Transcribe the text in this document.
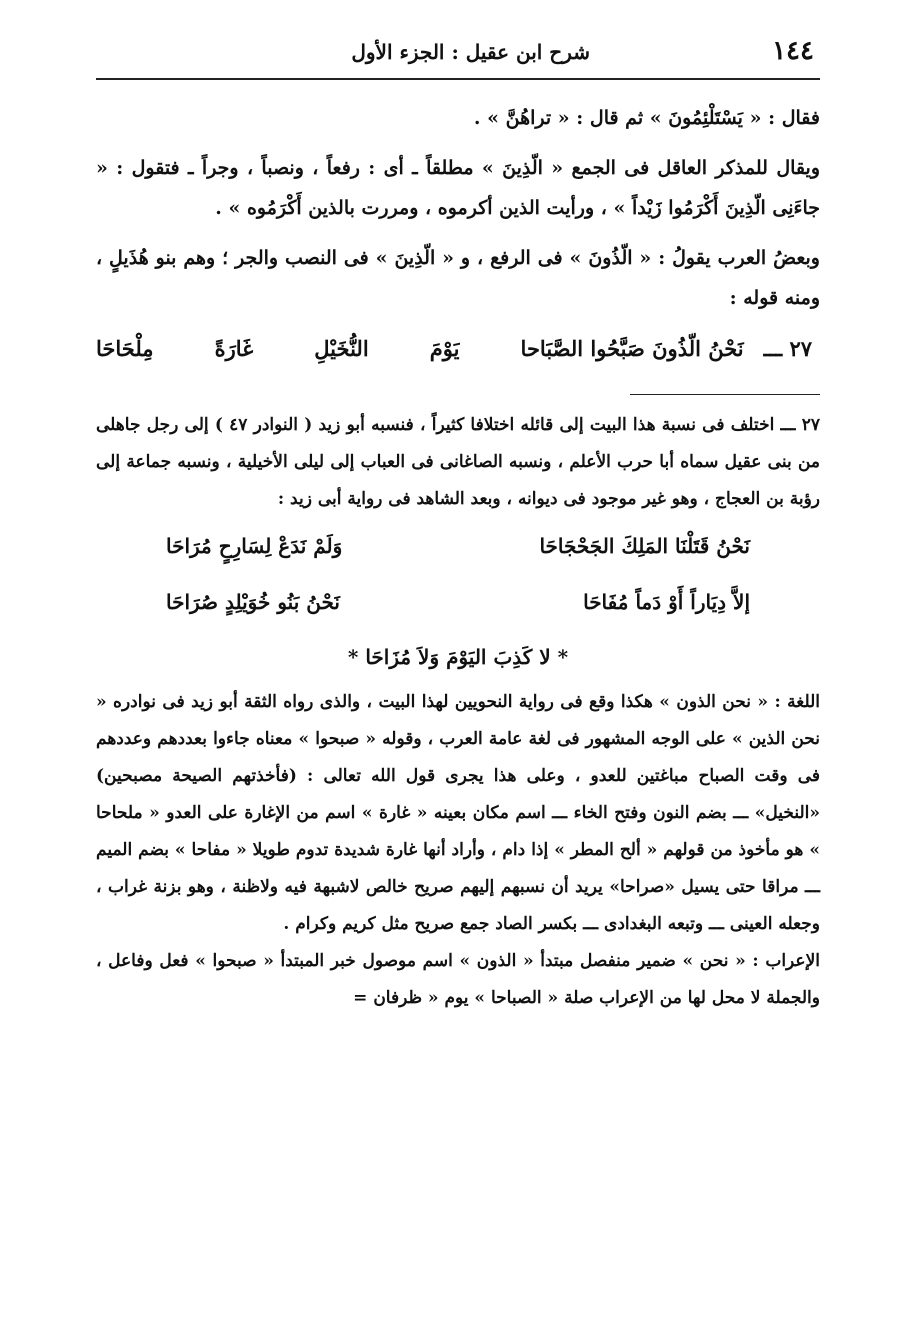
١٤٤
شرح ابن عقيل : الجزء الأول

فقال : « يَسْتَلْئِمُونَ » ثم قال : « تراهُنَّ » .

ويقال للمذكر العاقل فى الجمع « الّذِينَ » مطلقاً ـ أى : رفعاً ، ونصباً ، وجراً ـ فتقول : « جاءَنِى الّذِينَ أَكْرَمُوا زَيْداً » ، ورأيت الذين أكرموه ، ومررت بالذين أَكْرَمُوه » .

وبعضُ العرب يقولُ : « الّذُونَ » فى الرفع ، و « الّذِينَ » فى النصب والجر ؛ وهم بنو هُذَيلٍ ، ومنه قوله :

٢٧ ـــ
نَحْنُ الّذُونَ صَبَّحُوا الصَّبَاحا
يَوْمَ
النُّخَيْلِ
غَارَةً
مِلْحَاحَا

٢٧ ـــ اختلف فى نسبة هذا البيت إلى قائله اختلافا كثيراً ، فنسبه أبو زيد ( النوادر ٤٧ ) إلى رجل جاهلى من بنى عقيل سماه أبا حرب الأعلم ، ونسبه الصاغانى فى العباب إلى ليلى الأخيلية ، ونسبه جماعة إلى رؤبة بن العجاج ، وهو غير موجود فى ديوانه ، وبعد الشاهد فى رواية أبى زيد :

نَحْنُ قَتَلْنَا المَلِكَ الجَحْجَاحَا
وَلَمْ نَدَعْ لِسَارِحٍ مُرَاحَا
إلاَّ دِيَاراً أَوْ دَماً مُفَاحَا
نَحْنُ بَنُو خُوَيْلِدٍ صُرَاحَا
* لا كَذِبَ اليَوْمَ وَلاَ مُزَاحَا *

اللغة : « نحن الذون » هكذا وقع فى رواية النحويين لهذا البيت ، والذى رواه الثقة أبو زيد فى نوادره « نحن الذين » على الوجه المشهور فى لغة عامة العرب ، وقوله « صبحوا » معناه جاءوا بعددهم وعددهم فى وقت الصباح مباغتين للعدو ، وعلى هذا يجرى قول الله تعالى : (فأخذتهم الصيحة مصبحين) «النخيل» ـــ بضم النون وفتح الخاء ـــ اسم مكان بعينه « غارة » اسم من الإغارة على العدو « ملحاحا » هو مأخوذ من قولهم « ألح المطر » إذا دام ، وأراد أنها غارة شديدة تدوم طويلا « مفاحا » بضم الميم ـــ مراقا حتى يسيل «صراحا» يريد أن نسبهم إليهم صريح خالص لاشبهة فيه ولاظنة ، وهو بزنة غراب ، وجعله العينى ـــ وتبعه البغدادى ـــ بكسر الصاد جمع صريح مثل كريم وكرام .

الإعراب : « نحن » ضمير منفصل مبتدأ « الذون » اسم موصول خبر المبتدأ « صبحوا » فعل وفاعل ، والجملة لا محل لها من الإعراب صلة « الصباحا » يوم « ظرفان =
